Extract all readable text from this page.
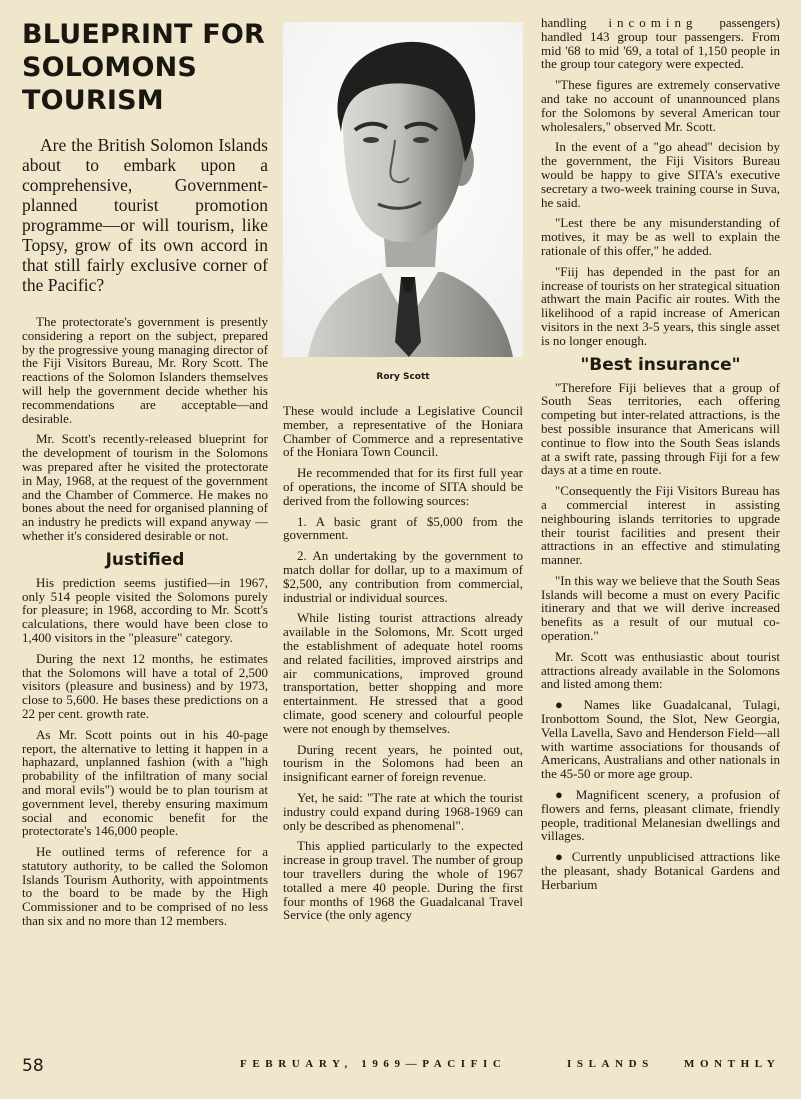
BLUEPRINT FOR
SOLOMONS
TOURISM

Are the British Solomon Islands about to embark upon a comprehensive, Government-planned tourist promotion programme—or will tourism, like Topsy, grow of its own accord in that still fairly exclusive corner of the Pacific?

The protectorate's government is presently considering a report on the subject, prepared by the progressive young managing director of the Fiji Visitors Bureau, Mr. Rory Scott. The reactions of the Solomon Islanders themselves will help the government decide whether his recommendations are acceptable—and desirable.

Mr. Scott's recently-released blueprint for the development of tourism in the Solomons was prepared after he visited the protectorate in May, 1968, at the request of the government and the Chamber of Commerce. He makes no bones about the need for organised planning of an industry he predicts will expand anyway — whether it's considered desirable or not.

Justified

His prediction seems justified—in 1967, only 514 people visited the Solomons purely for pleasure; in 1968, according to Mr. Scott's calculations, there would have been close to 1,400 visitors in the "pleasure" category.

During the next 12 months, he estimates that the Solomons will have a total of 2,500 visitors (pleasure and business) and by 1973, close to 5,600. He bases these predictions on a 22 per cent. growth rate.

As Mr. Scott points out in his 40-page report, the alternative to letting it happen in a haphazard, unplanned fashion (with a "high probability of the infiltration of many social and moral evils") would be to plan tourism at government level, thereby ensuring maximum social and economic benefit for the protectorate's 146,000 people.

He outlined terms of reference for a statutory authority, to be called the Solomon Islands Tourism Authority, with appointments to the board to be made by the High Commissioner and to be comprised of no less than six and no more than 12 members.

Rory Scott

These would include a Legislative Council member, a representative of the Honiara Chamber of Commerce and a representative of the Honiara Town Council.

He recommended that for its first full year of operations, the income of SITA should be derived from the following sources:

1. A basic grant of $5,000 from the government.

2. An undertaking by the government to match dollar for dollar, up to a maximum of $2,500, any contribution from commercial, industrial or individual sources.

While listing tourist attractions already available in the Solomons, Mr. Scott urged the establishment of adequate hotel rooms and related facilities, improved airstrips and air communications, improved ground transportation, better shopping and more entertainment. He stressed that a good climate, good scenery and colourful people were not enough by themselves.

During recent years, he pointed out, tourism in the Solomons had been an insignificant earner of foreign revenue.

Yet, he said: "The rate at which the tourist industry could expand during 1968-1969 can only be described as phenomenal".

This applied particularly to the expected increase in group travel. The number of group tour travellers during the whole of 1967 totalled a mere 40 people. During the first four months of 1968 the Guadalcanal Travel Service (the only agency

handling incoming passengers) handled 143 group tour passengers. From mid '68 to mid '69, a total of 1,150 people in the group tour category were expected.

"These figures are extremely conservative and take no account of unannounced plans for the Solomons by several American tour wholesalers," observed Mr. Scott.

In the event of a "go ahead" decision by the government, the Fiji Visitors Bureau would be happy to give SITA's executive secretary a two-week training course in Suva, he said.

"Lest there be any misunderstanding of motives, it may be as well to explain the rationale of this offer," he added.

"Fiij has depended in the past for an increase of tourists on her strategical situation athwart the main Pacific air routes. With the likelihood of a rapid increase of American visitors in the next 3-5 years, this single asset is no longer enough.

"Best insurance"

"Therefore Fiji believes that a group of South Seas territories, each offering competing but inter-related attractions, is the best possible insurance that Americans will continue to flow into the South Seas islands at a swift rate, passing through Fiji for a few days at a time en route.

"Consequently the Fiji Visitors Bureau has a commercial interest in assisting neighbouring islands territories to upgrade their tourist facilities and present their attractions in an effective and stimulating manner.

"In this way we believe that the South Seas Islands will become a must on every Pacific itinerary and that we will derive increased benefits as a result of our mutual co-operation."

Mr. Scott was enthusiastic about tourist attractions already available in the Solomons and listed among them:

● Names like Guadalcanal, Tulagi, Ironbottom Sound, the Slot, New Georgia, Vella Lavella, Savo and Henderson Field—all with wartime associations for thousands of Americans, Australians and other nationals in the 45-50 or more age group.

● Magnificent scenery, a profusion of flowers and ferns, pleasant climate, friendly people, traditional Melanesian dwellings and villages.

● Currently unpublicised attractions like the pleasant, shady Botanical Gardens and Herbarium

58	FEBRUARY, 1969—PACIFIC	ISLANDS	MONTHLY
